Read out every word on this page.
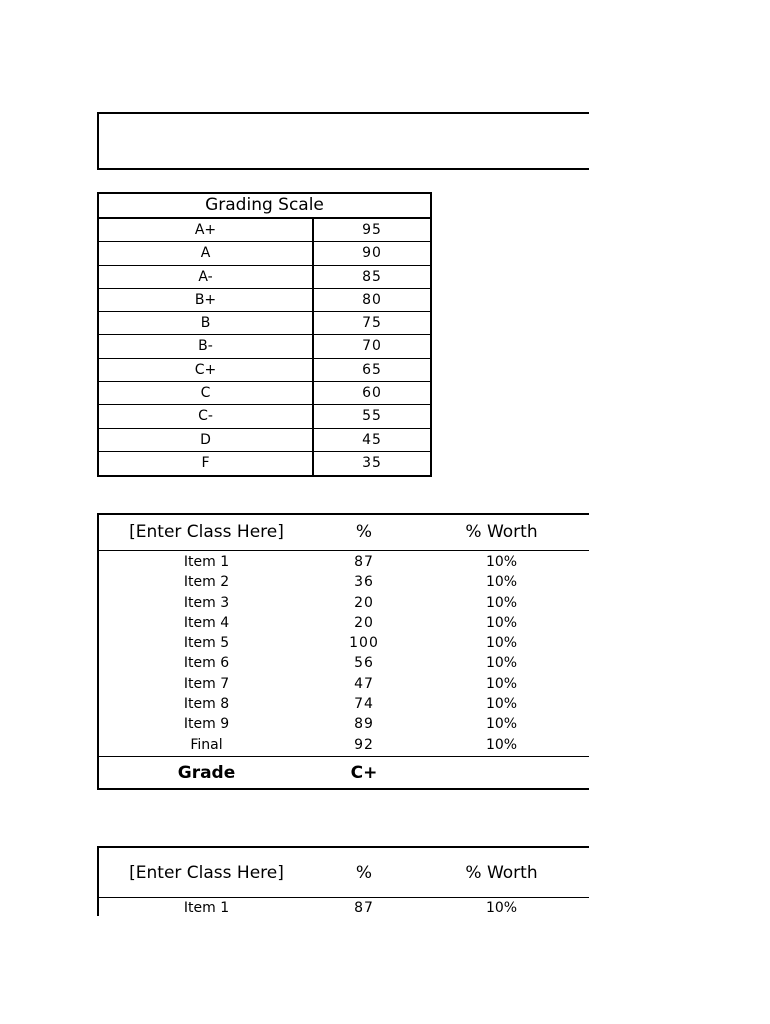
Grading Scale
A+	95
A	90
A-	85
B+	80
B	75
B-	70
C+	65
C	60
C-	55
D	45
F	35
[Enter Class Here]	%	% Worth
Item 1	87	10%
Item 2	36	10%
Item 3	20	10%
Item 4	20	10%
Item 5	100	10%
Item 6	56	10%
Item 7	47	10%
Item 8	74	10%
Item 9	89	10%
Final	92	10%
Grade	C+
[Enter Class Here]	%	% Worth
Item 1	87	10%
